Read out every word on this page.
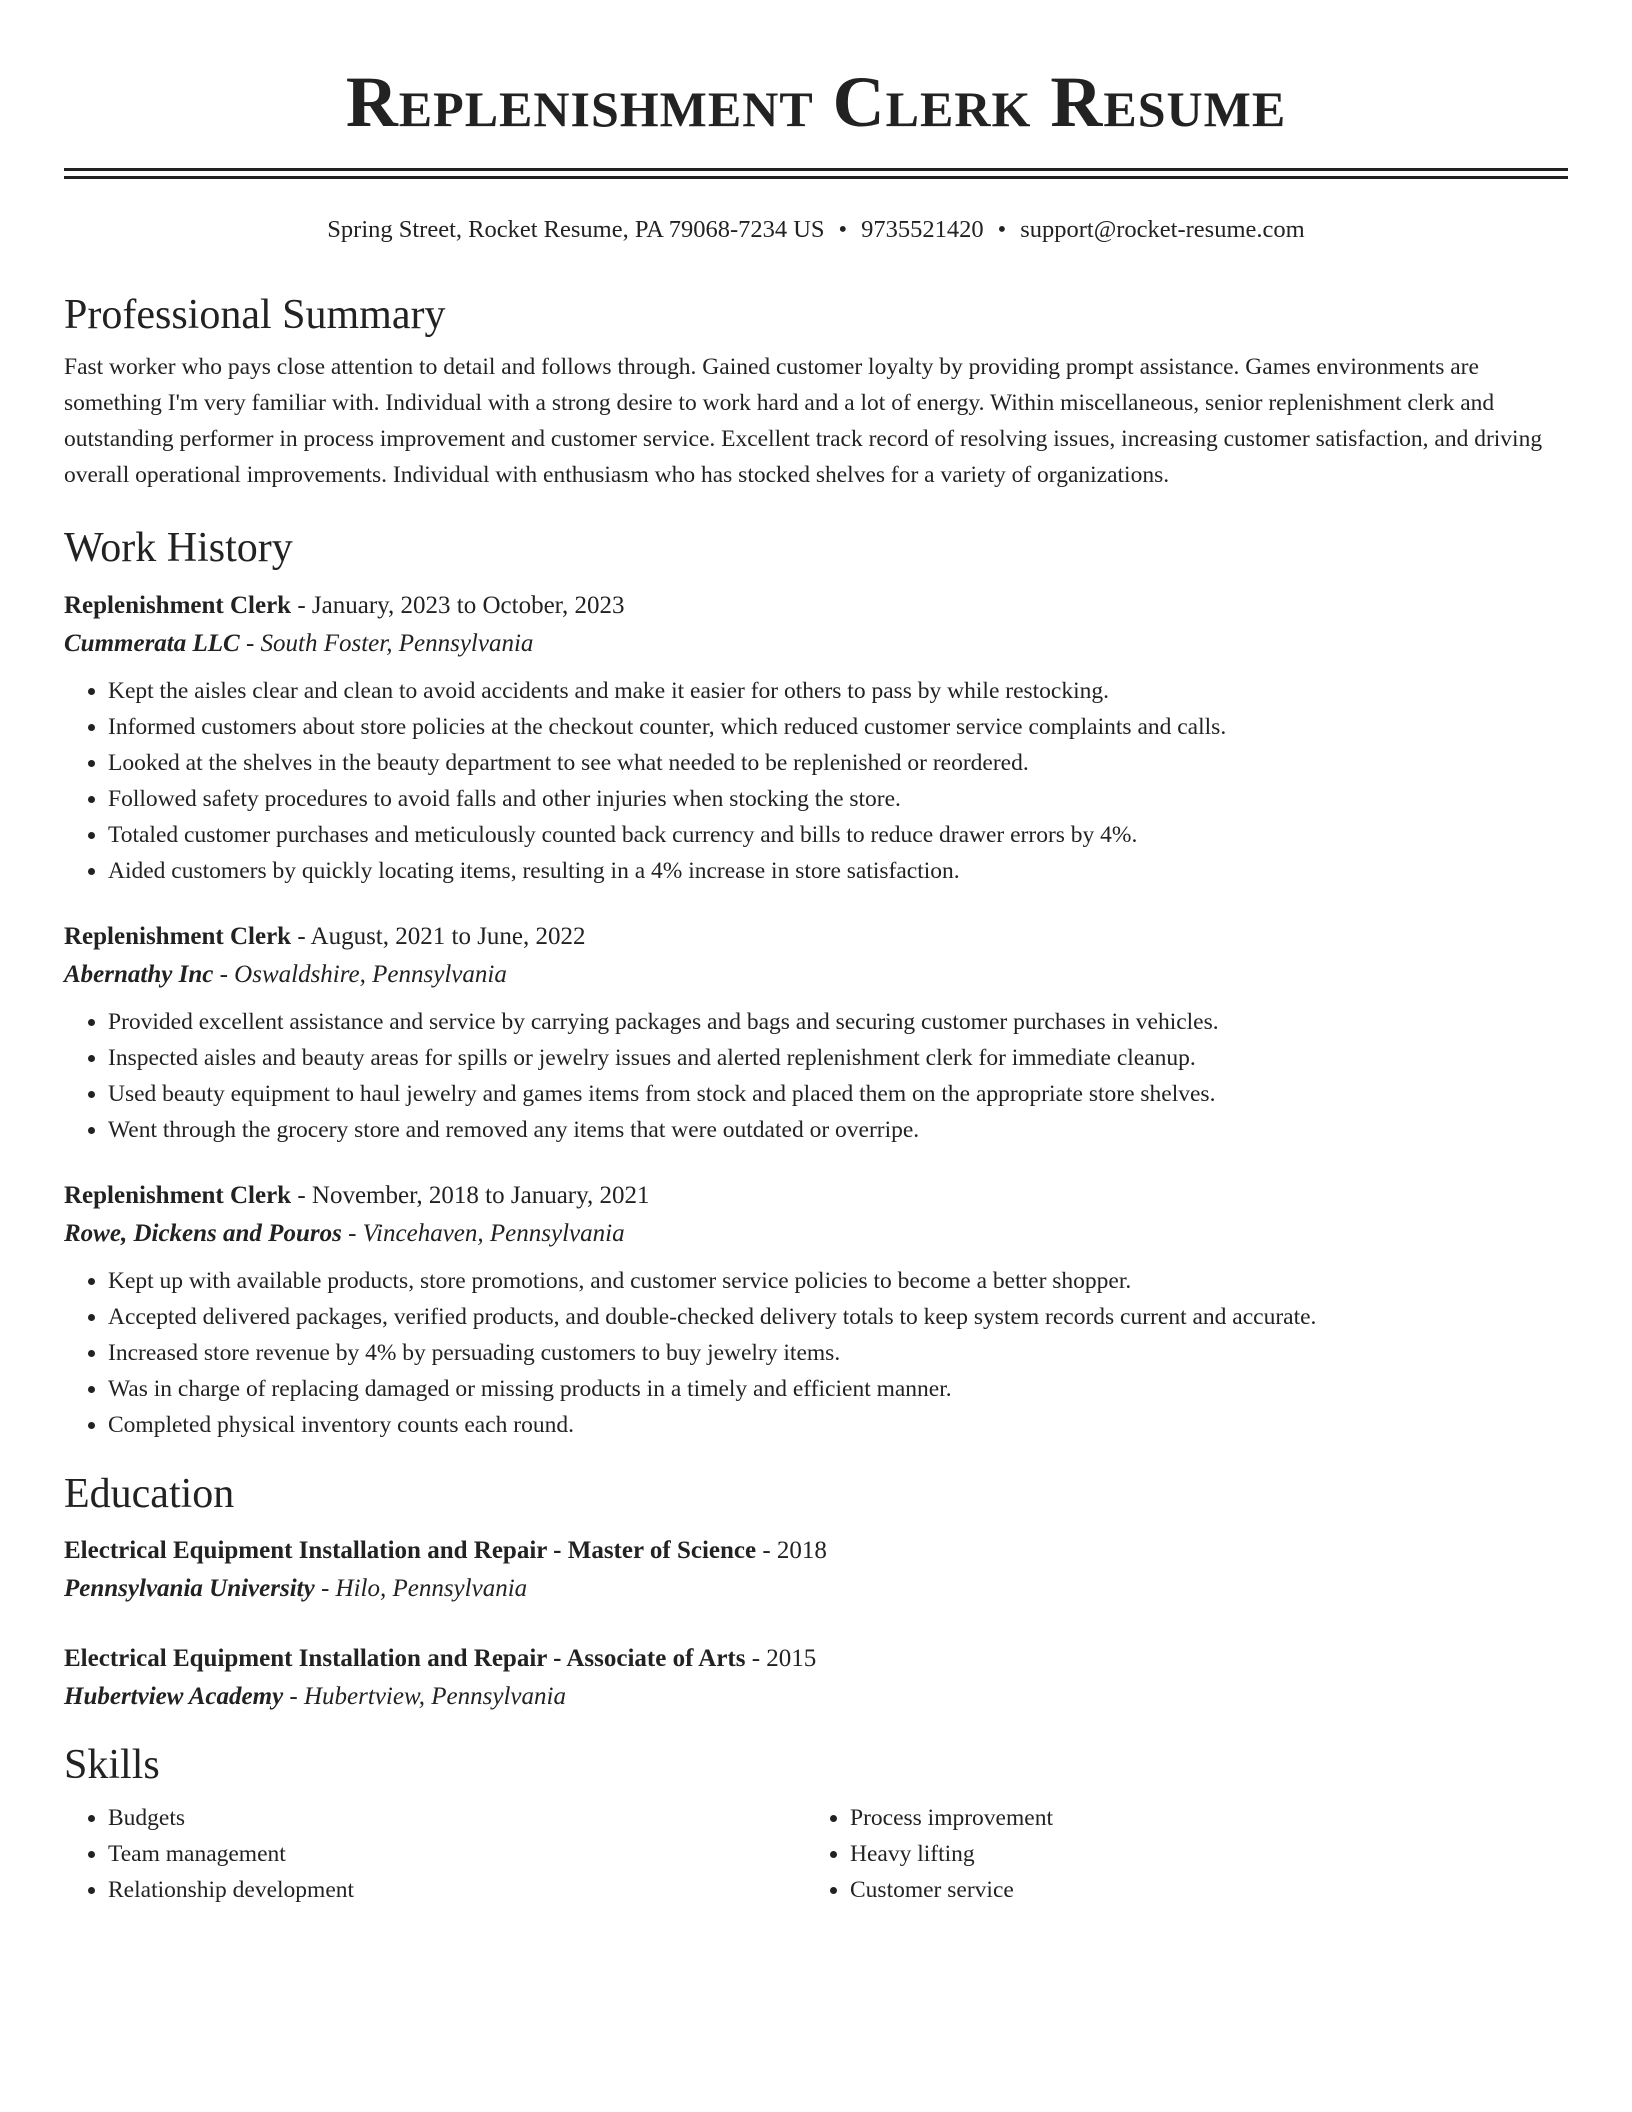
Replenishment Clerk Resume
Spring Street, Rocket Resume, PA 79068-7234 US • 9735521420 • support@rocket-resume.com
Professional Summary

Fast worker who pays close attention to detail and follows through. Gained customer loyalty by providing prompt assistance. Games environments are something I'm very familiar with. Individual with a strong desire to work hard and a lot of energy. Within miscellaneous, senior replenishment clerk and outstanding performer in process improvement and customer service. Excellent track record of resolving issues, increasing customer satisfaction, and driving overall operational improvements. Individual with enthusiasm who has stocked shelves for a variety of organizations.

Work History
Replenishment Clerk - January, 2023 to October, 2023
Cummerata LLC - South Foster, Pennsylvania
• Kept the aisles clear and clean to avoid accidents and make it easier for others to pass by while restocking.
• Informed customers about store policies at the checkout counter, which reduced customer service complaints and calls.
• Looked at the shelves in the beauty department to see what needed to be replenished or reordered.
• Followed safety procedures to avoid falls and other injuries when stocking the store.
• Totaled customer purchases and meticulously counted back currency and bills to reduce drawer errors by 4%.
• Aided customers by quickly locating items, resulting in a 4% increase in store satisfaction.
Replenishment Clerk - August, 2021 to June, 2022
Abernathy Inc - Oswaldshire, Pennsylvania
• Provided excellent assistance and service by carrying packages and bags and securing customer purchases in vehicles.
• Inspected aisles and beauty areas for spills or jewelry issues and alerted replenishment clerk for immediate cleanup.
• Used beauty equipment to haul jewelry and games items from stock and placed them on the appropriate store shelves.
• Went through the grocery store and removed any items that were outdated or overripe.
Replenishment Clerk - November, 2018 to January, 2021
Rowe, Dickens and Pouros - Vincehaven, Pennsylvania
• Kept up with available products, store promotions, and customer service policies to become a better shopper.
• Accepted delivered packages, verified products, and double-checked delivery totals to keep system records current and accurate.
• Increased store revenue by 4% by persuading customers to buy jewelry items.
• Was in charge of replacing damaged or missing products in a timely and efficient manner.
• Completed physical inventory counts each round.
Education
Electrical Equipment Installation and Repair - Master of Science - 2018
Pennsylvania University - Hilo, Pennsylvania
Electrical Equipment Installation and Repair - Associate of Arts - 2015
Hubertview Academy - Hubertview, Pennsylvania
Skills
• Budgets
• Team management
• Relationship development
• Process improvement
• Heavy lifting
• Customer service
